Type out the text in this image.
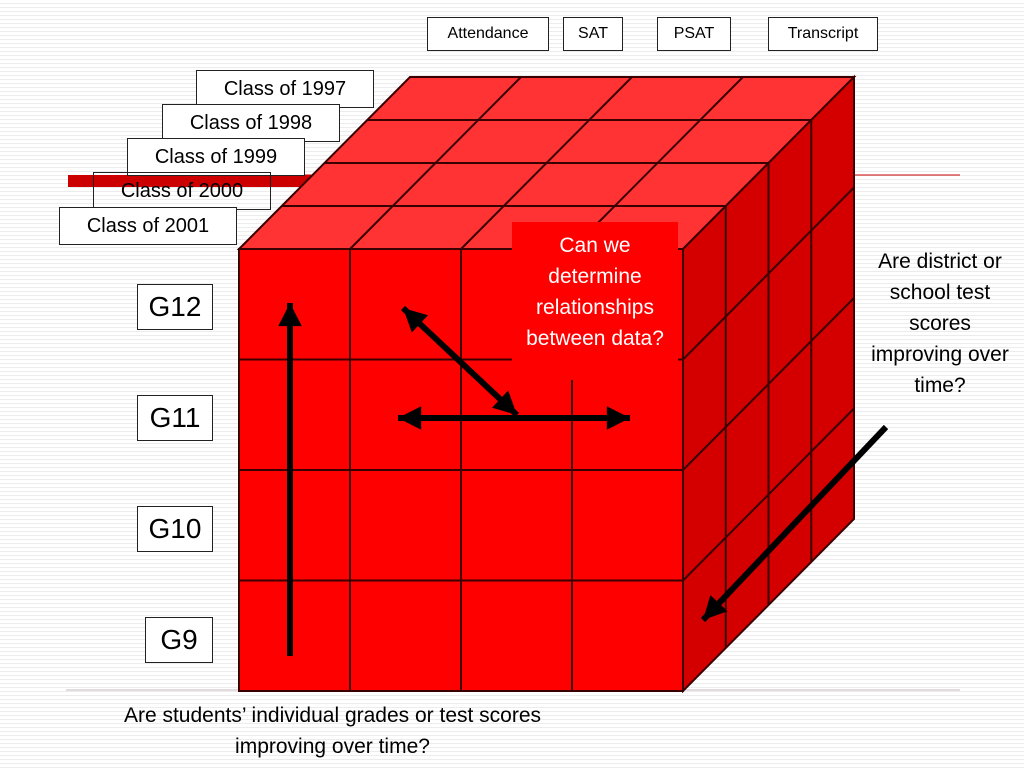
Attendance	SAT	PSAT	Transcript
Class of 1997
Class of 1998
Class of 1999
Class of 2000
Class of 2001
G12
G11
G10
G9
Can we determine relationships between data?
Are district or school test scores improving over time?
Are students’ individual grades or test scores improving over time?
